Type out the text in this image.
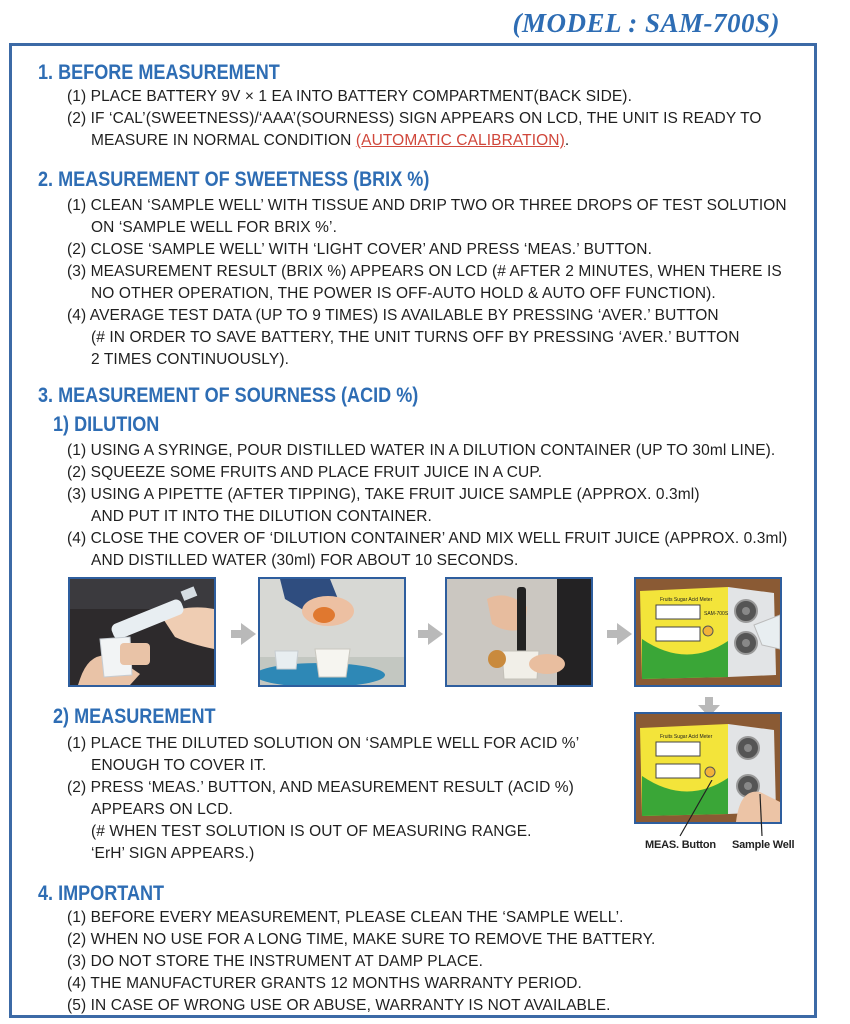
(MODEL : SAM-700S)
1. BEFORE MEASUREMENT
(1) PLACE BATTERY 9V × 1 EA INTO BATTERY COMPARTMENT(BACK SIDE).
(2) IF ‘CAL’(SWEETNESS)/‘AAA’(SOURNESS) SIGN APPEARS ON LCD, THE UNIT IS READY TO
MEASURE IN NORMAL CONDITION (AUTOMATIC CALIBRATION).
2. MEASUREMENT OF SWEETNESS (BRIX %)
(1) CLEAN ‘SAMPLE WELL’ WITH TISSUE AND DRIP TWO OR THREE DROPS OF TEST SOLUTION
ON ‘SAMPLE WELL FOR BRIX %’.
(2) CLOSE ‘SAMPLE WELL’ WITH ‘LIGHT COVER’ AND PRESS ‘MEAS.’ BUTTON.
(3) MEASUREMENT RESULT (BRIX %) APPEARS ON LCD (# AFTER 2 MINUTES, WHEN THERE IS
NO OTHER OPERATION, THE POWER IS OFF-AUTO HOLD & AUTO OFF FUNCTION).
(4) AVERAGE TEST DATA (UP TO 9 TIMES) IS AVAILABLE BY PRESSING ‘AVER.’ BUTTON
(# IN ORDER TO SAVE BATTERY, THE UNIT TURNS OFF BY PRESSING ‘AVER.’ BUTTON
2 TIMES CONTINUOUSLY).
3. MEASUREMENT OF SOURNESS (ACID %)
1) DILUTION
(1) USING A SYRINGE, POUR DISTILLED WATER IN A DILUTION CONTAINER (UP TO 30ml LINE).
(2) SQUEEZE SOME FRUITS AND PLACE FRUIT JUICE IN A CUP.
(3) USING A PIPETTE (AFTER TIPPING), TAKE FRUIT JUICE SAMPLE (APPROX. 0.3ml)
AND PUT IT INTO THE DILUTION CONTAINER.
(4) CLOSE THE COVER OF ‘DILUTION CONTAINER’ AND MIX WELL FRUIT JUICE (APPROX. 0.3ml)
AND DISTILLED WATER (30ml) FOR ABOUT 10 SECONDS.
Fruits Sugar Acid Meter
SAM-700S
2) MEASUREMENT
(1) PLACE THE DILUTED SOLUTION ON ‘SAMPLE WELL FOR ACID %’
ENOUGH TO COVER IT.
(2) PRESS ‘MEAS.’ BUTTON, AND MEASUREMENT RESULT (ACID %)
APPEARS ON LCD.
(# WHEN TEST SOLUTION IS OUT OF MEASURING RANGE.
‘ErH’ SIGN APPEARS.)
Fruits Sugar Acid Meter
MEAS. Button Sample Well
4. IMPORTANT
(1) BEFORE EVERY MEASUREMENT, PLEASE CLEAN THE ‘SAMPLE WELL’.
(2) WHEN NO USE FOR A LONG TIME, MAKE SURE TO REMOVE THE BATTERY.
(3) DO NOT STORE THE INSTRUMENT AT DAMP PLACE.
(4) THE MANUFACTURER GRANTS 12 MONTHS WARRANTY PERIOD.
(5) IN CASE OF WRONG USE OR ABUSE, WARRANTY IS NOT AVAILABLE.
